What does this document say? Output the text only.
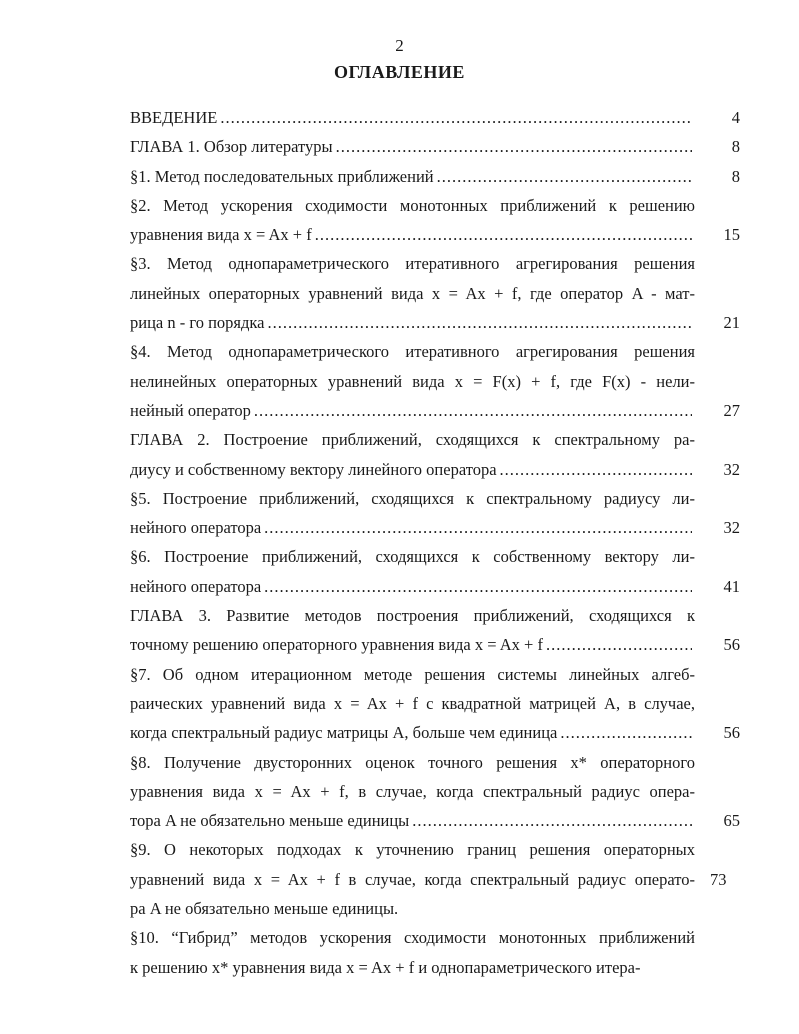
2
ОГЛАВЛЕНИЕ
ВВЕДЕНИЕ .....	4
ГЛАВА 1. Обзор литературы .....	8
§1. Метод последовательных приближений .....	8
§2. Метод ускорения сходимости монотонных приближений к решению
уравнения вида x = Ax + f .....	15
§3. Метод однопараметрического итеративного агрегирования решения
линейных операторных уравнений вида x = Ax + f, где оператор A - мат-
рица n - го порядка .....	21
§4. Метод однопараметрического итеративного агрегирования решения
нелинейных операторных уравнений вида x = F(x) + f, где F(x) - нели-
нейный оператор .....	27
ГЛАВА 2. Построение приближений, сходящихся к спектральному ра-
диусу и собственному вектору линейного оператора .....	32
§5. Построение приближений, сходящихся к спектральному радиусу ли-
нейного оператора .....	32
§6. Построение приближений, сходящихся к собственному вектору ли-
нейного оператора .....	41
ГЛАВА 3. Развитие методов построения приближений, сходящихся к
точному решению операторного уравнения вида x = Ax + f .....	56
§7. Об одном итерационном методе решения системы линейных алгеб-
раических уравнений вида x = Ax + f с квадратной матрицей A, в случае,
когда спектральный радиус матрицы A, больше чем единица .....	56
§8. Получение двусторонних оценок точного решения x* операторного
уравнения вида x = Ax + f, в случае, когда спектральный радиус опера-
тора A не обязательно меньше единицы .....	65
§9. О некоторых подходах к уточнению границ решения операторных
уравнений вида x = Ax + f в случае, когда спектральный радиус операто- 73
ра A не обязательно меньше единицы.
§10. “Гибрид” методов ускорения сходимости монотонных приближений
к решению x* уравнения вида x = Ax + f и однопараметрического итера-
